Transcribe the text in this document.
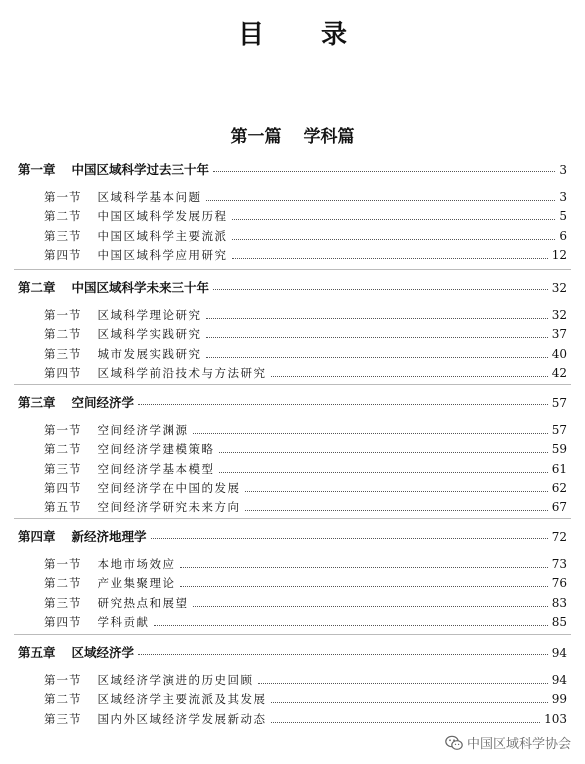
目 录
第一篇 学科篇
第一章 中国区域科学过去三十年	3
第一节 区域科学基本问题	3
第二节 中国区域科学发展历程	5
第三节 中国区域科学主要流派	6
第四节 中国区域科学应用研究	12
第二章 中国区域科学未来三十年	32
第一节 区域科学理论研究	32
第二节 区域科学实践研究	37
第三节 城市发展实践研究	40
第四节 区域科学前沿技术与方法研究	42
第三章 空间经济学	57
第一节 空间经济学渊源	57
第二节 空间经济学建模策略	59
第三节 空间经济学基本模型	61
第四节 空间经济学在中国的发展	62
第五节 空间经济学研究未来方向	67
第四章 新经济地理学	72
第一节 本地市场效应	73
第二节 产业集聚理论	76
第三节 研究热点和展望	83
第四节 学科贡献	85
第五章 区域经济学	94
第一节 区域经济学演进的历史回顾	94
第二节 区域经济学主要流派及其发展	99
第三节 国内外区域经济学发展新动态	103
中国区域科学协会
